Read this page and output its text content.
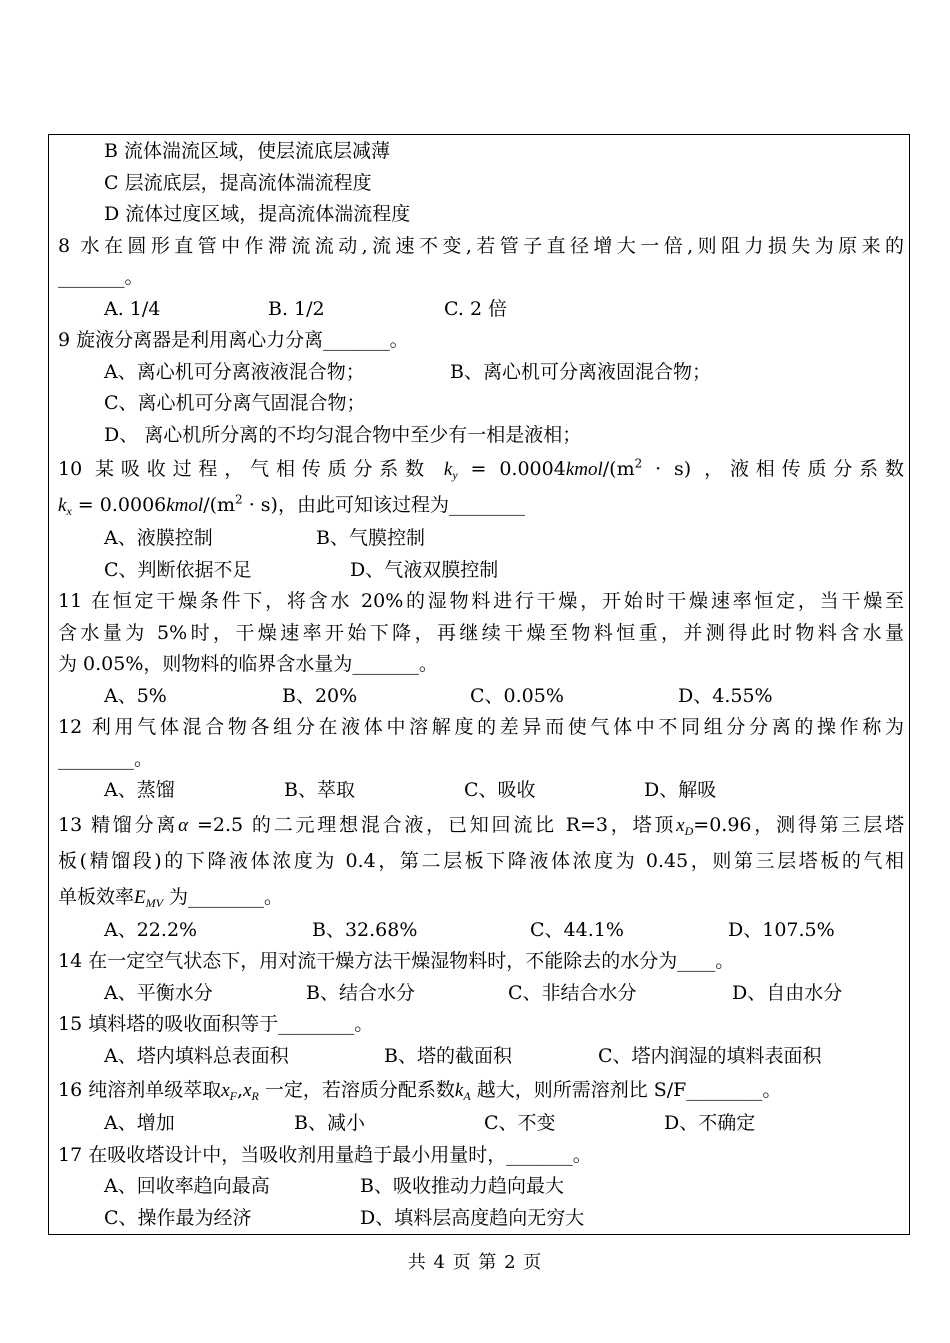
B 流体湍流区域，使层流底层减薄
C 层流底层，提高流体湍流程度
D 流体过度区域，提高流体湍流程度
8 水在圆形直管中作滞流流动,流速不变,若管子直径增大一倍,则阻力损失为原来的
_______。
A. 1/4	B. 1/2	C. 2 倍
9 旋液分离器是利用离心力分离_______。
A、离心机可分离液液混合物；	B、离心机可分离液固混合物；
C、离心机可分离气固混合物；
D、 离心机所分离的不均匀混合物中至少有一相是液相；
10 某吸收过程，气相传质分系数 $k_y$ = $0.0004kmol/(m^2 \cdot s)$ ，液相传质分系数
$k_x$ = $0.0006kmol/(m^2 \cdot s)$，由此可知该过程为________
A、液膜控制	B、气膜控制
C、判断依据不足	D、气液双膜控制
11 在恒定干燥条件下，将含水 20%的湿物料进行干燥，开始时干燥速率恒定，当干燥至
含水量为 5%时，干燥速率开始下降，再继续干燥至物料恒重，并测得此时物料含水量
为 0.05%，则物料的临界含水量为_______。
A、5%	B、20%	C、0.05%	D、4.55%
12 利用气体混合物各组分在液体中溶解度的差异而使气体中不同组分分离的操作称为
________。
A、蒸馏	B、萃取	C、吸收	D、解吸
13 精馏分离α =2.5 的二元理想混合液，已知回流比 R=3，塔顶$x_D=0.96$，测得第三层塔
板(精馏段)的下降液体浓度为 0.4，第二层板下降液体浓度为 0.45，则第三层塔板的气相
单板效率$E_{MV}$ 为________。
A、22.2%	B、32.68%	C、44.1%	D、107.5%
14 在一定空气状态下，用对流干燥方法干燥湿物料时，不能除去的水分为____。
A、平衡水分	B、结合水分	C、非结合水分	D、自由水分
15 填料塔的吸收面积等于________。
A、塔内填料总表面积	B、塔的截面积	C、塔内润湿的填料表面积
16 纯溶剂单级萃取$x_F,x_R$ 一定，若溶质分配系数$k_A$ 越大，则所需溶剂比 S/F________。
A、增加	B、减小	C、不变	D、不确定
17 在吸收塔设计中，当吸收剂用量趋于最小用量时，_______。
A、回收率趋向最高	B、吸收推动力趋向最大
C、操作最为经济	D、填料层高度趋向无穷大
共 4 页 第 2 页
